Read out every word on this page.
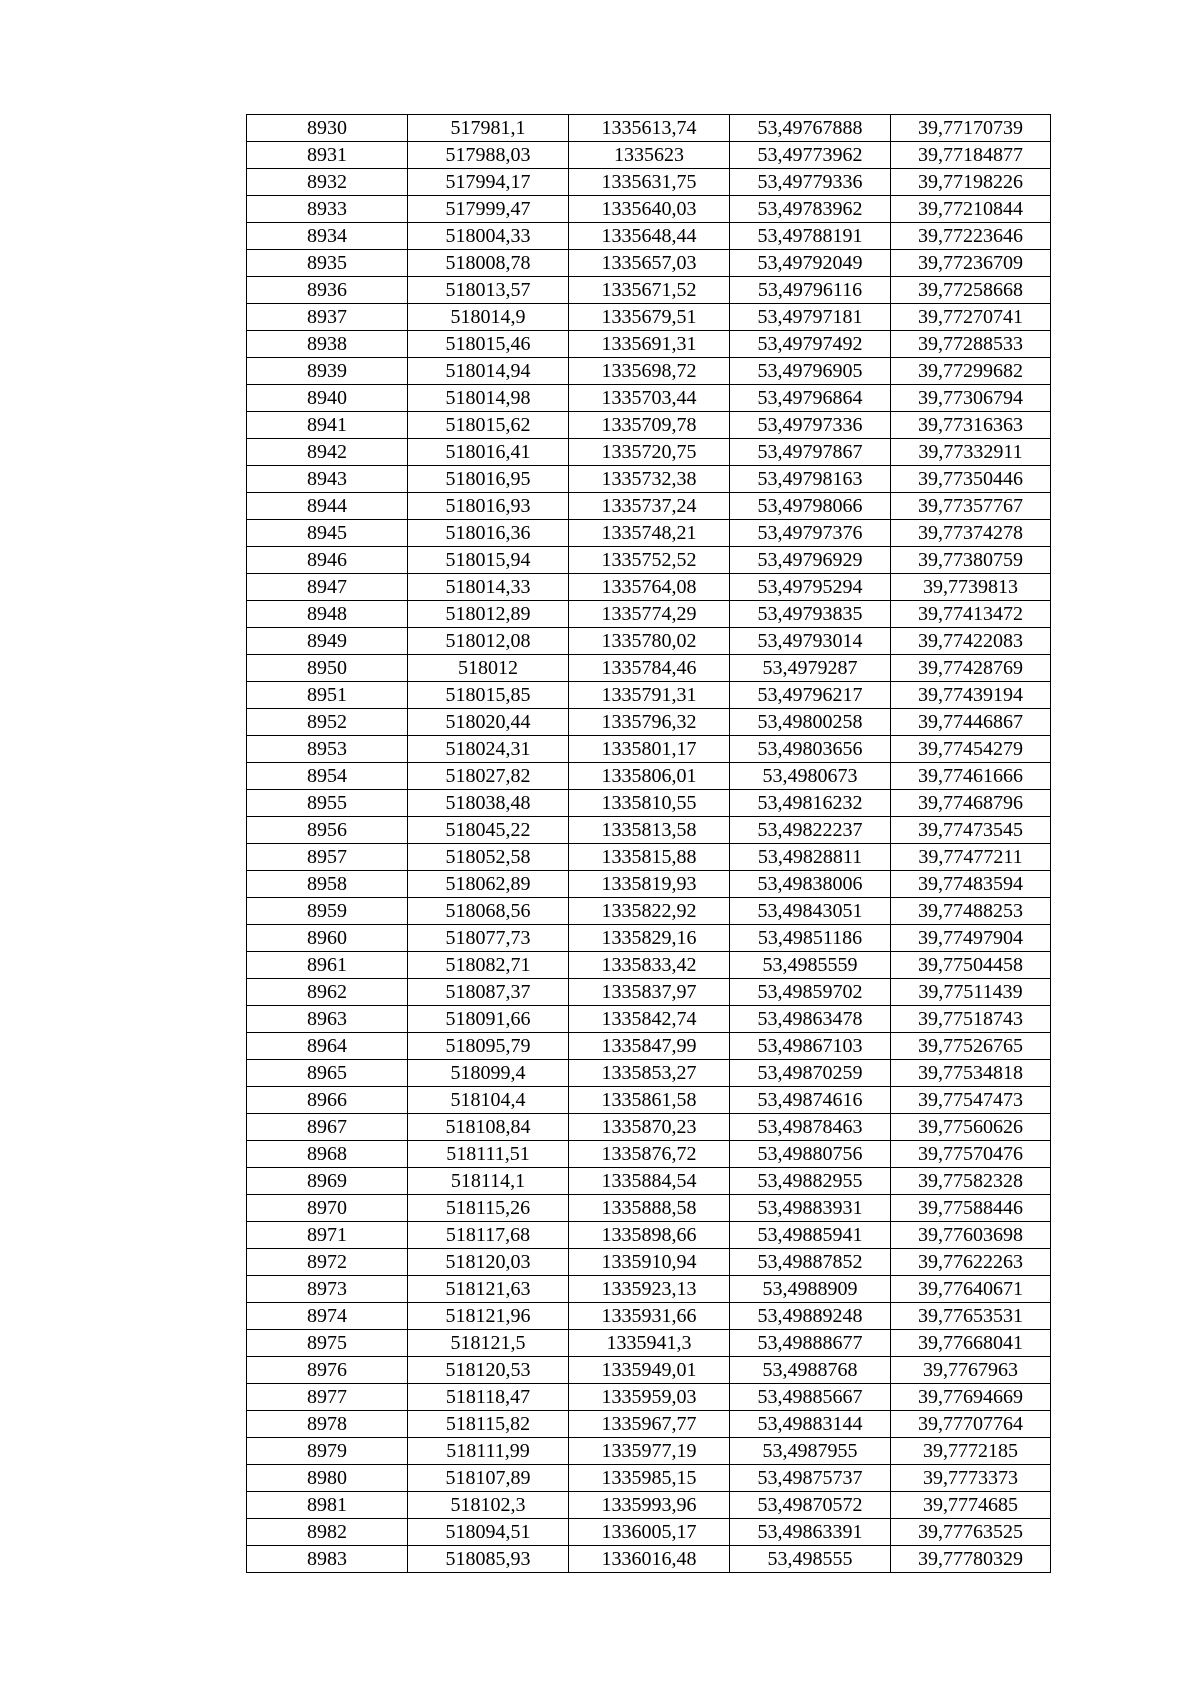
8930	517981,1	1335613,74	53,49767888	39,77170739
8931	517988,03	1335623	53,49773962	39,77184877
8932	517994,17	1335631,75	53,49779336	39,77198226
8933	517999,47	1335640,03	53,49783962	39,77210844
8934	518004,33	1335648,44	53,49788191	39,77223646
8935	518008,78	1335657,03	53,49792049	39,77236709
8936	518013,57	1335671,52	53,49796116	39,77258668
8937	518014,9	1335679,51	53,49797181	39,77270741
8938	518015,46	1335691,31	53,49797492	39,77288533
8939	518014,94	1335698,72	53,49796905	39,77299682
8940	518014,98	1335703,44	53,49796864	39,77306794
8941	518015,62	1335709,78	53,49797336	39,77316363
8942	518016,41	1335720,75	53,49797867	39,77332911
8943	518016,95	1335732,38	53,49798163	39,77350446
8944	518016,93	1335737,24	53,49798066	39,77357767
8945	518016,36	1335748,21	53,49797376	39,77374278
8946	518015,94	1335752,52	53,49796929	39,77380759
8947	518014,33	1335764,08	53,49795294	39,7739813
8948	518012,89	1335774,29	53,49793835	39,77413472
8949	518012,08	1335780,02	53,49793014	39,77422083
8950	518012	1335784,46	53,4979287	39,77428769
8951	518015,85	1335791,31	53,49796217	39,77439194
8952	518020,44	1335796,32	53,49800258	39,77446867
8953	518024,31	1335801,17	53,49803656	39,77454279
8954	518027,82	1335806,01	53,4980673	39,77461666
8955	518038,48	1335810,55	53,49816232	39,77468796
8956	518045,22	1335813,58	53,49822237	39,77473545
8957	518052,58	1335815,88	53,49828811	39,77477211
8958	518062,89	1335819,93	53,49838006	39,77483594
8959	518068,56	1335822,92	53,49843051	39,77488253
8960	518077,73	1335829,16	53,49851186	39,77497904
8961	518082,71	1335833,42	53,4985559	39,77504458
8962	518087,37	1335837,97	53,49859702	39,77511439
8963	518091,66	1335842,74	53,49863478	39,77518743
8964	518095,79	1335847,99	53,49867103	39,77526765
8965	518099,4	1335853,27	53,49870259	39,77534818
8966	518104,4	1335861,58	53,49874616	39,77547473
8967	518108,84	1335870,23	53,49878463	39,77560626
8968	518111,51	1335876,72	53,49880756	39,77570476
8969	518114,1	1335884,54	53,49882955	39,77582328
8970	518115,26	1335888,58	53,49883931	39,77588446
8971	518117,68	1335898,66	53,49885941	39,77603698
8972	518120,03	1335910,94	53,49887852	39,77622263
8973	518121,63	1335923,13	53,4988909	39,77640671
8974	518121,96	1335931,66	53,49889248	39,77653531
8975	518121,5	1335941,3	53,49888677	39,77668041
8976	518120,53	1335949,01	53,4988768	39,7767963
8977	518118,47	1335959,03	53,49885667	39,77694669
8978	518115,82	1335967,77	53,49883144	39,77707764
8979	518111,99	1335977,19	53,4987955	39,7772185
8980	518107,89	1335985,15	53,49875737	39,7773373
8981	518102,3	1335993,96	53,49870572	39,7774685
8982	518094,51	1336005,17	53,49863391	39,77763525
8983	518085,93	1336016,48	53,498555	39,77780329
